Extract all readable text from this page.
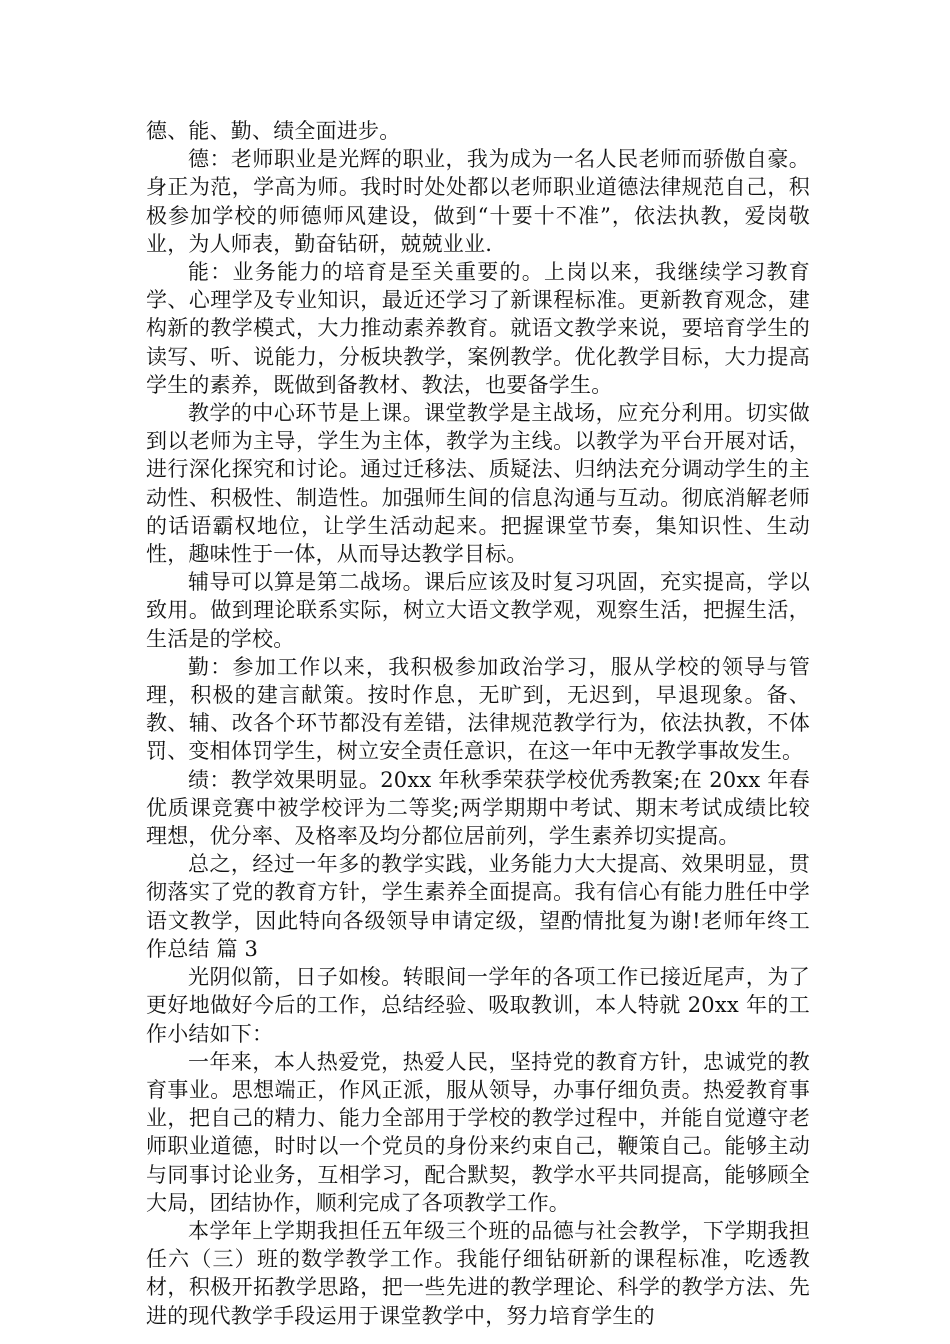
德、能、勤、绩全面进步。

德：老师职业是光辉的职业，我为成为一名人民老师而骄傲自豪。身正为范，学高为师。我时时处处都以老师职业道德法律规范自己，积极参加学校的师德师风建设，做到“十要十不准”，依法执教，爱岗敬业，为人师表，勤奋钻研，兢兢业业.

能：业务能力的培育是至关重要的。上岗以来，我继续学习教育学、心理学及专业知识，最近还学习了新课程标准。更新教育观念，建构新的教学模式，大力推动素养教育。就语文教学来说，要培育学生的读写、听、说能力，分板块教学，案例教学。优化教学目标，大力提高学生的素养，既做到备教材、教法，也要备学生。

教学的中心环节是上课。课堂教学是主战场，应充分利用。切实做到以老师为主导，学生为主体，教学为主线。以教学为平台开展对话，进行深化探究和讨论。通过迁移法、质疑法、归纳法充分调动学生的主动性、积极性、制造性。加强师生间的信息沟通与互动。彻底消解老师的话语霸权地位，让学生活动起来。把握课堂节奏，集知识性、生动性，趣味性于一体，从而导达教学目标。

辅导可以算是第二战场。课后应该及时复习巩固，充实提高，学以致用。做到理论联系实际，树立大语文教学观，观察生活，把握生活，生活是的学校。

勤：参加工作以来，我积极参加政治学习，服从学校的领导与管理，积极的建言献策。按时作息，无旷到，无迟到，早退现象。备、教、辅、改各个环节都没有差错，法律规范教学行为，依法执教，不体罚、变相体罚学生，树立安全责任意识，在这一年中无教学事故发生。

绩：教学效果明显。20xx 年秋季荣获学校优秀教案;在 20xx 年春优质课竞赛中被学校评为二等奖;两学期期中考试、期末考试成绩比较理想，优分率、及格率及均分都位居前列，学生素养切实提高。

总之，经过一年多的教学实践，业务能力大大提高、效果明显，贯彻落实了党的教育方针，学生素养全面提高。我有信心有能力胜任中学语文教学，因此特向各级领导申请定级，望酌情批复为谢!老师年终工作总结 篇 3

光阴似箭，日子如梭。转眼间一学年的各项工作已接近尾声，为了更好地做好今后的工作，总结经验、吸取教训，本人特就 20xx 年的工作小结如下：

一年来，本人热爱党，热爱人民，坚持党的教育方针，忠诚党的教育事业。思想端正，作风正派，服从领导，办事仔细负责。热爱教育事业，把自己的精力、能力全部用于学校的教学过程中，并能自觉遵守老师职业道德，时时以一个党员的身份来约束自己，鞭策自己。能够主动与同事讨论业务，互相学习，配合默契，教学水平共同提高，能够顾全大局，团结协作，顺利完成了各项教学工作。

本学年上学期我担任五年级三个班的品德与社会教学，下学期我担任六（三）班的数学教学工作。我能仔细钻研新的课程标准，吃透教材，积极开拓教学思路，把一些先进的教学理论、科学的教学方法、先进的现代教学手段运用于课堂教学中，努力培育学生的
